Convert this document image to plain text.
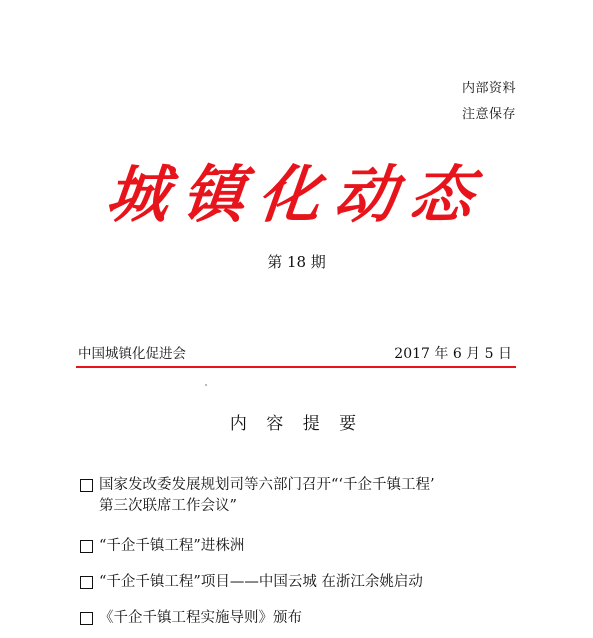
内部资料
注意保存
城镇化动态
第 18 期
中国城镇化促进会	2017 年 6 月 5 日
内 容 提 要
国家发改委发展规划司等六部门召开“‘千企千镇工程’
第三次联席工作会议”
“千企千镇工程”进株洲
“千企千镇工程”项目——中国云城 在浙江余姚启动
《千企千镇工程实施导则》颁布
